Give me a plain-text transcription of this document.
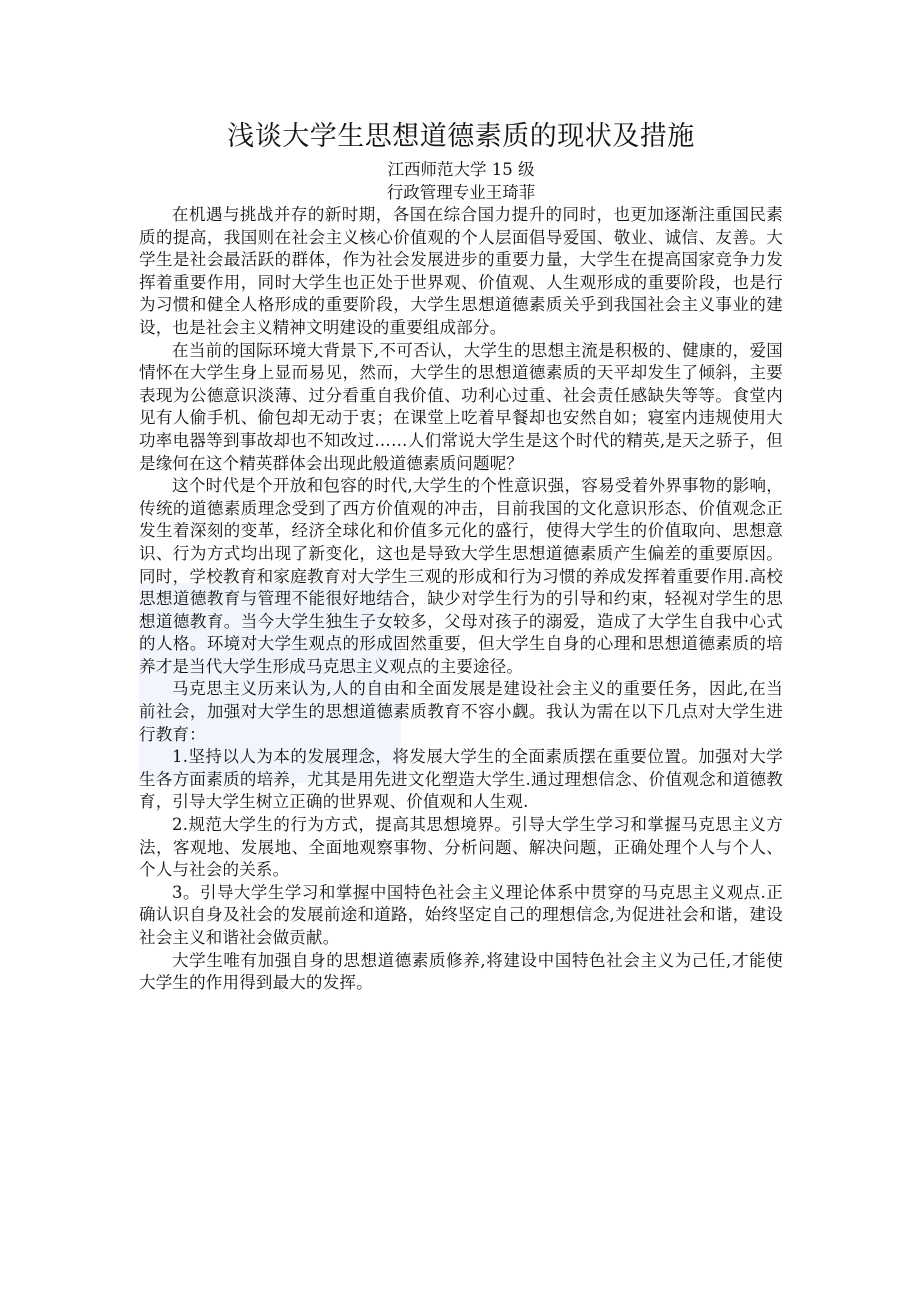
浅谈大学生思想道德素质的现状及措施

江西师范大学 15 级

行政管理专业王琦菲

在机遇与挑战并存的新时期，各国在综合国力提升的同时，也更加逐渐注重国民素质的提高，我国则在社会主义核心价值观的个人层面倡导爱国、敬业、诚信、友善。大学生是社会最活跃的群体，作为社会发展进步的重要力量，大学生在提高国家竞争力发挥着重要作用，同时大学生也正处于世界观、价值观、人生观形成的重要阶段，也是行为习惯和健全人格形成的重要阶段，大学生思想道德素质关乎到我国社会主义事业的建设，也是社会主义精神文明建设的重要组成部分。

在当前的国际环境大背景下,不可否认，大学生的思想主流是积极的、健康的，爱国情怀在大学生身上显而易见，然而，大学生的思想道德素质的天平却发生了倾斜，主要表现为公德意识淡薄、过分看重自我价值、功利心过重、社会责任感缺失等等。食堂内见有人偷手机、偷包却无动于衷；在课堂上吃着早餐却也安然自如；寝室内违规使用大功率电器等到事故却也不知改过……人们常说大学生是这个时代的精英,是天之骄子，但是缘何在这个精英群体会出现此般道德素质问题呢？

这个时代是个开放和包容的时代,大学生的个性意识强，容易受着外界事物的影响，传统的道德素质理念受到了西方价值观的冲击，目前我国的文化意识形态、价值观念正发生着深刻的变革，经济全球化和价值多元化的盛行，使得大学生的价值取向、思想意识、行为方式均出现了新变化，这也是导致大学生思想道德素质产生偏差的重要原因。同时，学校教育和家庭教育对大学生三观的形成和行为习惯的养成发挥着重要作用.高校思想道德教育与管理不能很好地结合，缺少对学生行为的引导和约束，轻视对学生的思想道德教育。当今大学生独生子女较多，父母对孩子的溺爱，造成了大学生自我中心式的人格。环境对大学生观点的形成固然重要，但大学生自身的心理和思想道德素质的培养才是当代大学生形成马克思主义观点的主要途径。

马克思主义历来认为,人的自由和全面发展是建设社会主义的重要任务，因此,在当前社会，加强对大学生的思想道德素质教育不容小觑。我认为需在以下几点对大学生进行教育：

1.坚持以人为本的发展理念，将发展大学生的全面素质摆在重要位置。加强对大学生各方面素质的培养，尤其是用先进文化塑造大学生.通过理想信念、价值观念和道德教育，引导大学生树立正确的世界观、价值观和人生观.

2.规范大学生的行为方式，提高其思想境界。引导大学生学习和掌握马克思主义方法，客观地、发展地、全面地观察事物、分析问题、解决问题，正确处理个人与个人、个人与社会的关系。

3。引导大学生学习和掌握中国特色社会主义理论体系中贯穿的马克思主义观点.正确认识自身及社会的发展前途和道路，始终坚定自己的理想信念,为促进社会和谐，建设社会主义和谐社会做贡献。

大学生唯有加强自身的思想道德素质修养,将建设中国特色社会主义为己任,才能使大学生的作用得到最大的发挥。
